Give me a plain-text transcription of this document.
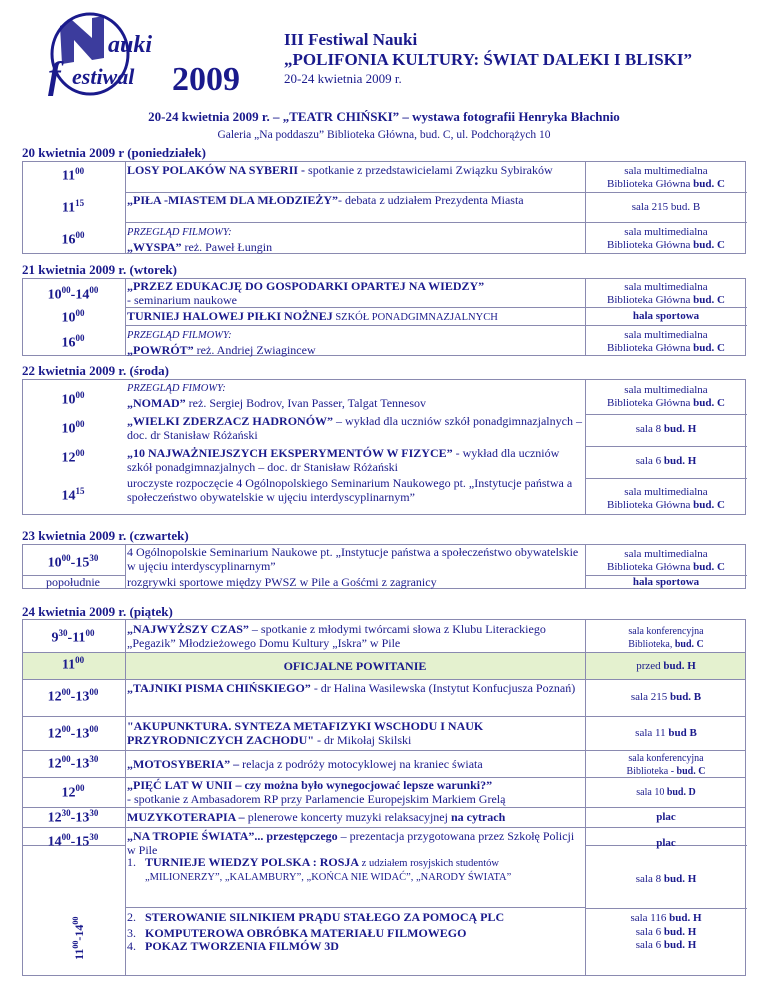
auki
f estiwal 2009
III Festiwal Nauki
„POLIFONIA KULTURY: ŚWIAT DALEKI I BLISKI”
20-24 kwietnia 2009 r.
20-24 kwietnia 2009 r. – „TEATR CHIŃSKI” – wystawa fotografii Henryka Błachnio
Galeria „Na poddaszu” Biblioteka Główna, bud. C, ul. Podchorążych 10
20 kwietnia 2009 r (poniedziałek)
$11^{00}$	LOSY POLAKÓW NA SYBERII - spotkanie z przedstawicielami Związku Sybiraków	sala multimedialna
Biblioteka Główna bud. C
$11^{15}$	„PIŁA -MIASTEM DLA MŁODZIEŻY”- debata z udziałem Prezydenta Miasta	sala 215 bud. B
$16^{00}$	PRZEGLĄD FILMOWY:
„WYSPA” reż. Paweł Łungin
sala multimedialna
Biblioteka Główna bud. C
21 kwietnia 2009 r. (wtorek)
$10^{00}-14^{00}$	„PRZEZ EDUKACJĘ DO GOSPODARKI OPARTEJ NA WIEDZY”
- seminarium naukowe
sala multimedialna
Biblioteka Główna bud. C
$10^{00}$	TURNIEJ HALOWEJ PIŁKI NOŻNEJ SZKÓŁ PONADGIMNAZJALNYCH	hala sportowa
$16^{00}$	PRZEGLĄD FILMOWY:
„POWRÓT” reż. Andriej Zwiagincew
sala multimedialna
Biblioteka Główna bud. C
22 kwietnia 2009 r. (środa)
$10^{00}$
PRZEGLĄD FIMOWY:
„NOMAD” reż. Sergiej Bodrov, Ivan Passer, Talgat Tennesov
sala multimedialna
Biblioteka Główna bud. C
$10^{00}$	„WIELKI ZDERZACZ HADRONÓW” – wykład dla uczniów szkół ponadgimnazjalnych – doc. dr Stanisław Różański	sala 8 bud. H
$12^{00}$	„10 NAJWAŻNIEJSZYCH EKSPERYMENTÓW W FIZYCE” - wykład dla uczniów szkół ponadgimnazjalnych – doc. dr Stanisław Różański	sala 6 bud. H
$14^{15}$
uroczyste rozpoczęcie 4 Ogólnopolskiego Seminarium Naukowego pt. „Instytucje państwa a społeczeństwo obywatelskie w ujęciu interdyscyplinarnym”	sala multimedialna
Biblioteka Główna bud. C
23 kwietnia 2009 r. (czwartek)
$10^{00}-15^{30}$	4 Ogólnopolskie Seminarium Naukowe pt. „Instytucje państwa a społeczeństwo obywatelskie w ujęciu interdyscyplinarnym”
sala multimedialna
Biblioteka Główna bud. C
popołudnie	rozgrywki sportowe między PWSZ w Pile a Gośćmi z zagranicy	hala sportowa
24 kwietnia 2009 r. (piątek)
$9^{30}-11^{00}$	„NAJWYŻSZY CZAS” – spotkanie z młodymi twórcami słowa z Klubu Literackiego „Pegazik” Młodzieżowego Domu Kultury „Iskra” w Pile
sala konferencyjna
Biblioteka, bud. C
$11^{00}$	OFICJALNE POWITANIE	przed bud. H
$12^{00}-13^{00}$	„TAJNIKI PISMA CHIŃSKIEGO” - dr Halina Wasilewska (Instytut Konfucjusza Poznań)
sala 215 bud. B
$12^{00}-13^{00}$	"AKUPUNKTURA. SYNTEZA METAFIZYKI WSCHODU I NAUK PRZYRODNICZYCH ZACHODU" - dr Mikołaj Skilski	sala 11 bud B
$12^{00}-13^{30}$	„MOTOSYBERIA” – relacja z podróży motocyklowej na kraniec świata	sala konferencyjna
Biblioteka - bud. C
$12^{00}$	„PIĘĆ LAT W UNII – czy można było wynegocjować lepsze warunki?”
- spotkanie z Ambasadorem RP przy Parlamencie Europejskim Markiem Grelą	sala 10 bud. D
$12^{30}-13^{30}$	MUZYKOTERAPIA – plenerowe koncerty muzyki relaksacyjnej na cytrach	plac
$14^{00}-15^{30}$	„NA TROPIE ŚWIATA”... przestępczego – prezentacja przygotowana przez Szkołę Policji w Pile	plac
$11^{00}-14^{00}$
1. TURNIEJE WIEDZY POLSKA : ROSJA z udziałem rosyjskich studentów „MILIONERZY”, „KALAMBURY”, „KOŃCA NIE WIDAĆ”, „NARODY ŚWIATA”	sala 8 bud. H
2. STEROWANIE SILNIKIEM PRĄDU STAŁEGO ZA POMOCĄ PLC	sala 116 bud. H
3. KOMPUTEROWA OBRÓBKA MATERIAŁU FILMOWEGO	sala 6 bud. H
4. POKAZ TWORZENIA FILMÓW 3D	sala 6 bud. H
